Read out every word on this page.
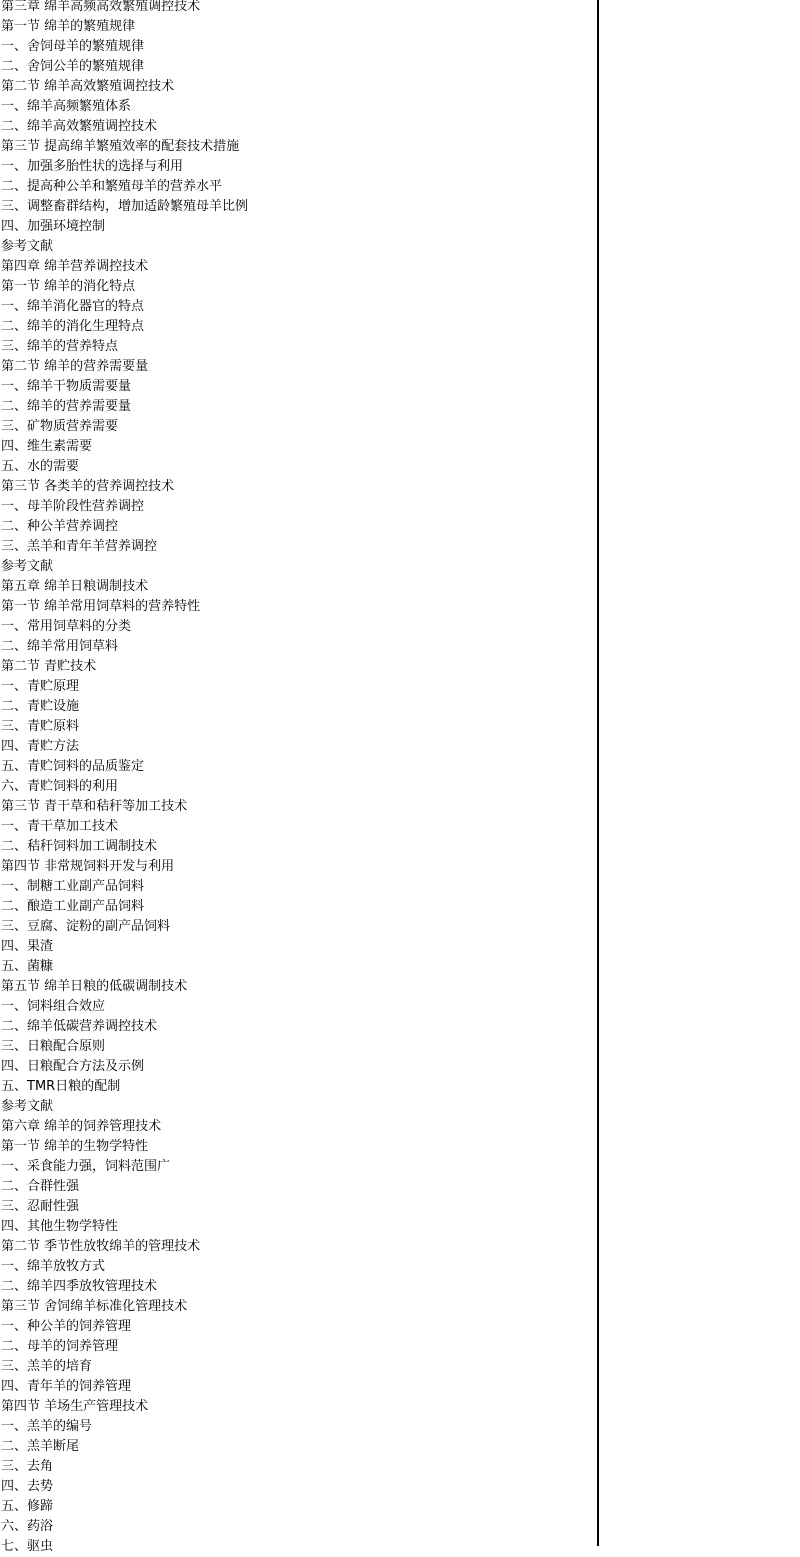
第三章 绵羊高频高效繁殖调控技术
第一节 绵羊的繁殖规律
一、舍饲母羊的繁殖规律
二、舍饲公羊的繁殖规律
第二节 绵羊高效繁殖调控技术
一、绵羊高频繁殖体系
二、绵羊高效繁殖调控技术
第三节 提高绵羊繁殖效率的配套技术措施
一、加强多胎性状的选择与利用
二、提高种公羊和繁殖母羊的营养水平
三、调整畜群结构，增加适龄繁殖母羊比例
四、加强环境控制
参考文献
第四章 绵羊营养调控技术
第一节 绵羊的消化特点
一、绵羊消化器官的特点
二、绵羊的消化生理特点
三、绵羊的营养特点
第二节 绵羊的营养需要量
一、绵羊干物质需要量
二、绵羊的营养需要量
三、矿物质营养需要
四、维生素需要
五、水的需要
第三节 各类羊的营养调控技术
一、母羊阶段性营养调控
二、种公羊营养调控
三、羔羊和青年羊营养调控
参考文献
第五章 绵羊日粮调制技术
第一节 绵羊常用饲草料的营养特性
一、常用饲草料的分类
二、绵羊常用饲草料
第二节 青贮技术
一、青贮原理
二、青贮设施
三、青贮原料
四、青贮方法
五、青贮饲料的品质鉴定
六、青贮饲料的利用
第三节 青干草和秸秆等加工技术
一、青干草加工技术
二、秸秆饲料加工调制技术
第四节 非常规饲料开发与利用
一、制糖工业副产品饲料
二、酿造工业副产品饲料
三、豆腐、淀粉的副产品饲料
四、果渣
五、菌糠
第五节 绵羊日粮的低碳调制技术
一、饲料组合效应
二、绵羊低碳营养调控技术
三、日粮配合原则
四、日粮配合方法及示例
五、TMR日粮的配制
参考文献
第六章 绵羊的饲养管理技术
第一节 绵羊的生物学特性
一、采食能力强，饲料范围广
二、合群性强
三、忍耐性强
四、其他生物学特性
第二节 季节性放牧绵羊的管理技术
一、绵羊放牧方式
二、绵羊四季放牧管理技术
第三节 舍饲绵羊标准化管理技术
一、种公羊的饲养管理
二、母羊的饲养管理
三、羔羊的培育
四、青年羊的饲养管理
第四节 羊场生产管理技术
一、羔羊的编号
二、羔羊断尾
三、去角
四、去势
五、修蹄
六、药浴
七、驱虫
